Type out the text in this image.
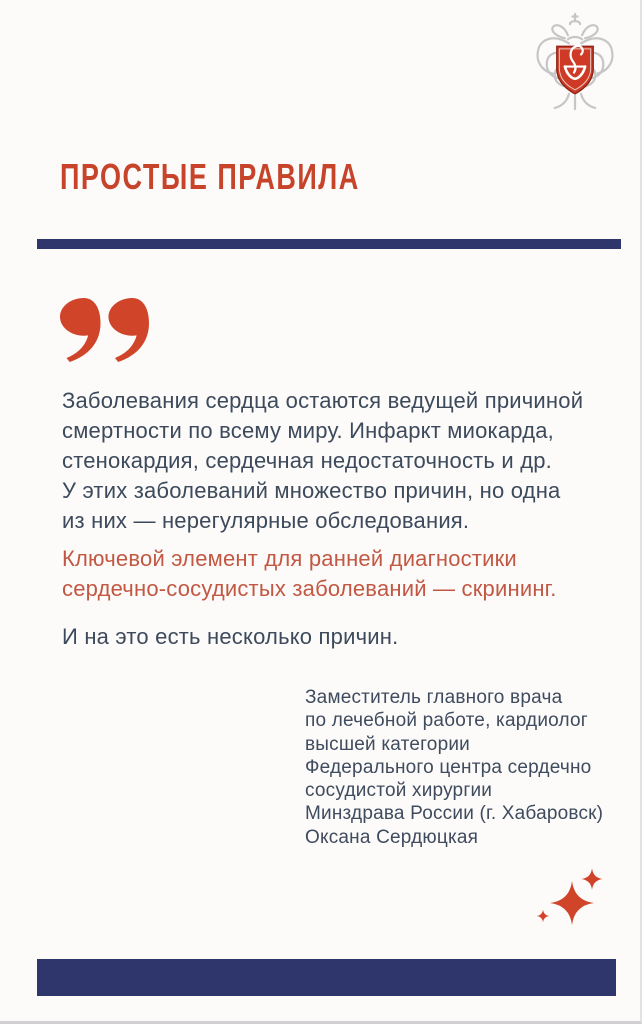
ПРОСТЫЕ ПРАВИЛА
Заболевания сердца остаются ведущей причиной
смертности по всему миру. Инфаркт миокарда,
стенокардия, сердечная недостаточность и др.
У этих заболеваний множество причин, но одна
из них — нерегулярные обследования.
Ключевой элемент для ранней диагностики
сердечно-сосудистых заболеваний — скрининг.
И на это есть несколько причин.
Заместитель главного врача
по лечебной работе, кардиолог
высшей категории
Федерального центра сердечно
сосудистой хирургии
Минздрава России (г. Хабаровск)
Оксана Сердюцкая
